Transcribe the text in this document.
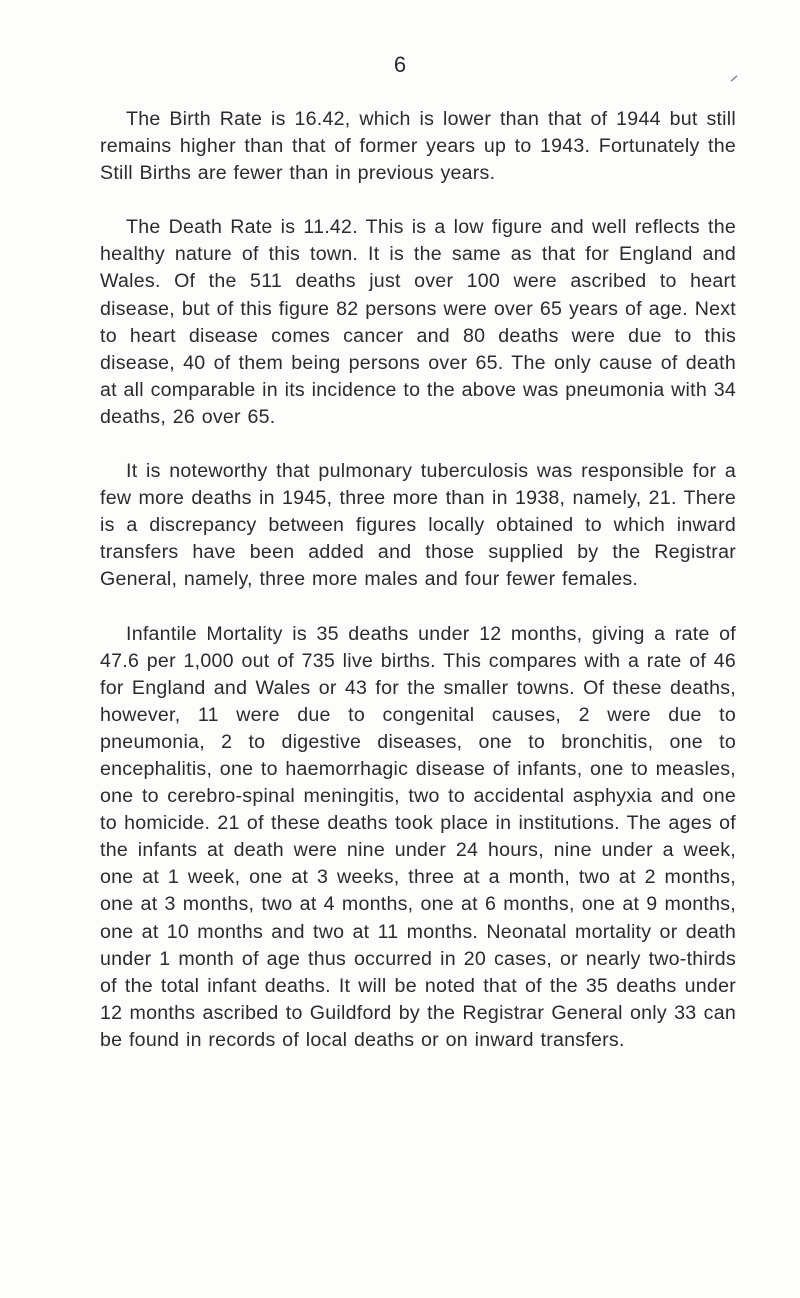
6

The Birth Rate is 16.42, which is lower than that of 1944 but still remains higher than that of former years up to 1943. Fortunately the Still Births are fewer than in previous years.

The Death Rate is 11.42. This is a low figure and well reflects the healthy nature of this town. It is the same as that for England and Wales. Of the 511 deaths just over 100 were ascribed to heart disease, but of this figure 82 persons were over 65 years of age. Next to heart disease comes cancer and 80 deaths were due to this disease, 40 of them being persons over 65. The only cause of death at all comparable in its incidence to the above was pneumonia with 34 deaths, 26 over 65.

It is noteworthy that pulmonary tuberculosis was responsible for a few more deaths in 1945, three more than in 1938, namely, 21. There is a discrepancy between figures locally obtained to which inward transfers have been added and those supplied by the Registrar General, namely, three more males and four fewer females.

Infantile Mortality is 35 deaths under 12 months, giving a rate of 47.6 per 1,000 out of 735 live births. This compares with a rate of 46 for England and Wales or 43 for the smaller towns. Of these deaths, however, 11 were due to congenital causes, 2 were due to pneumonia, 2 to digestive diseases, one to bronchitis, one to encephalitis, one to haemorrhagic disease of infants, one to measles, one to cerebro-spinal meningitis, two to accidental asphyxia and one to homicide. 21 of these deaths took place in institutions. The ages of the infants at death were nine under 24 hours, nine under a week, one at 1 week, one at 3 weeks, three at a month, two at 2 months, one at 3 months, two at 4 months, one at 6 months, one at 9 months, one at 10 months and two at 11 months. Neonatal mortality or death under 1 month of age thus occurred in 20 cases, or nearly two-thirds of the total infant deaths. It will be noted that of the 35 deaths under 12 months ascribed to Guildford by the Registrar General only 33 can be found in records of local deaths or on inward transfers.
